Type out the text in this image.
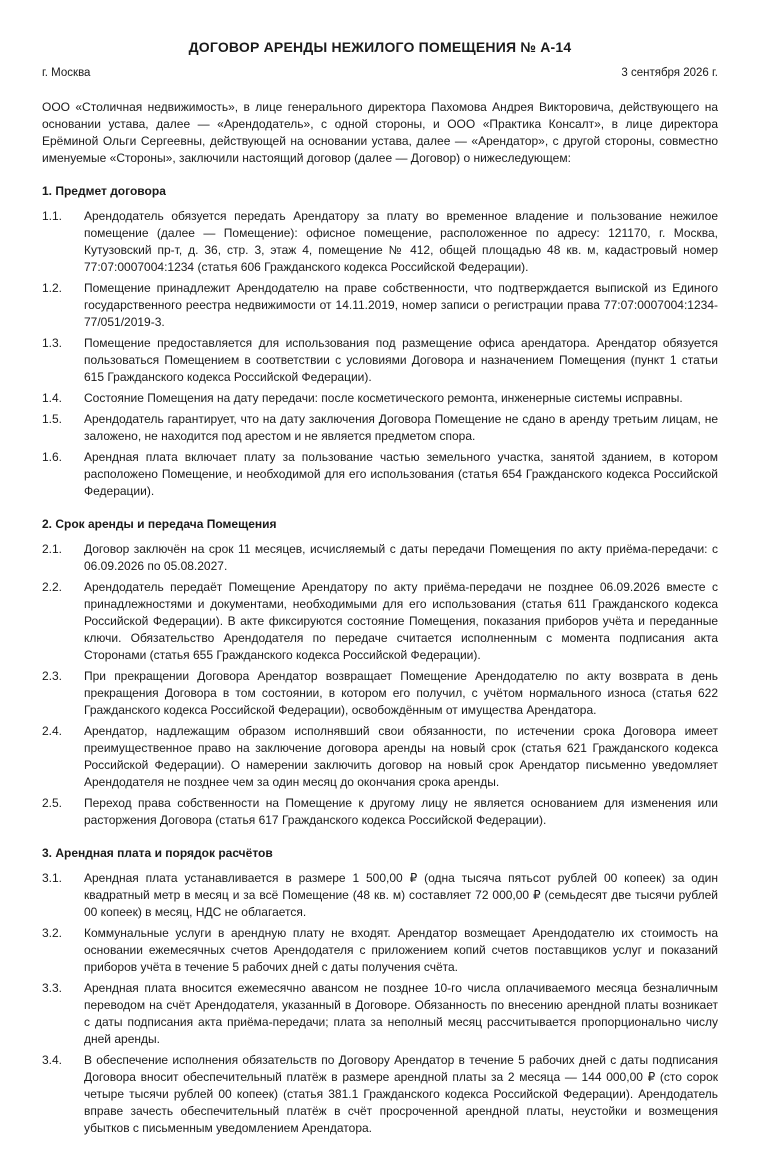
ДОГОВОР АРЕНДЫ НЕЖИЛОГО ПОМЕЩЕНИЯ № А-14
г. Москва	3 сентября 2026 г.
ООО «Столичная недвижимость», в лице генерального директора Пахомова Андрея Викторовича, действующего на основании устава, далее — «Арендодатель», с одной стороны, и ООО «Практика Консалт», в лице директора Ерёминой Ольги Сергеевны, действующей на основании устава, далее — «Арендатор», с другой стороны, совместно именуемые «Стороны», заключили настоящий договор (далее — Договор) о нижеследующем:
1. Предмет договора
1.1.	Арендодатель обязуется передать Арендатору за плату во временное владение и пользование нежилое помещение (далее — Помещение): офисное помещение, расположенное по адресу: 121170, г. Москва, Кутузовский пр-т, д. 36, стр. 3, этаж 4, помещение № 412, общей площадью 48 кв. м, кадастровый номер 77:07:0007004:1234 (статья 606 Гражданского кодекса Российской Федерации).
1.2.	Помещение принадлежит Арендодателю на праве собственности, что подтверждается выпиской из Единого государственного реестра недвижимости от 14.11.2019, номер записи о регистрации права 77:07:0007004:1234-77/051/2019-3.
1.3.	Помещение предоставляется для использования под размещение офиса арендатора. Арендатор обязуется пользоваться Помещением в соответствии с условиями Договора и назначением Помещения (пункт 1 статьи 615 Гражданского кодекса Российской Федерации).
1.4.	Состояние Помещения на дату передачи: после косметического ремонта, инженерные системы исправны.
1.5.	Арендодатель гарантирует, что на дату заключения Договора Помещение не сдано в аренду третьим лицам, не заложено, не находится под арестом и не является предметом спора.
1.6.	Арендная плата включает плату за пользование частью земельного участка, занятой зданием, в котором расположено Помещение, и необходимой для его использования (статья 654 Гражданского кодекса Российской Федерации).
2. Срок аренды и передача Помещения
2.1.	Договор заключён на срок 11 месяцев, исчисляемый с даты передачи Помещения по акту приёма-передачи: с 06.09.2026 по 05.08.2027.
2.2.	Арендодатель передаёт Помещение Арендатору по акту приёма-передачи не позднее 06.09.2026 вместе с принадлежностями и документами, необходимыми для его использования (статья 611 Гражданского кодекса Российской Федерации). В акте фиксируются состояние Помещения, показания приборов учёта и переданные ключи. Обязательство Арендодателя по передаче считается исполненным с момента подписания акта Сторонами (статья 655 Гражданского кодекса Российской Федерации).
2.3.	При прекращении Договора Арендатор возвращает Помещение Арендодателю по акту возврата в день прекращения Договора в том состоянии, в котором его получил, с учётом нормального износа (статья 622 Гражданского кодекса Российской Федерации), освобождённым от имущества Арендатора.
2.4.	Арендатор, надлежащим образом исполнявший свои обязанности, по истечении срока Договора имеет преимущественное право на заключение договора аренды на новый срок (статья 621 Гражданского кодекса Российской Федерации). О намерении заключить договор на новый срок Арендатор письменно уведомляет Арендодателя не позднее чем за один месяц до окончания срока аренды.
2.5.	Переход права собственности на Помещение к другому лицу не является основанием для изменения или расторжения Договора (статья 617 Гражданского кодекса Российской Федерации).
3. Арендная плата и порядок расчётов
3.1.	Арендная плата устанавливается в размере 1 500,00 ₽ (одна тысяча пятьсот рублей 00 копеек) за один квадратный метр в месяц и за всё Помещение (48 кв. м) составляет 72 000,00 ₽ (семьдесят две тысячи рублей 00 копеек) в месяц, НДС не облагается.
3.2.	Коммунальные услуги в арендную плату не входят. Арендатор возмещает Арендодателю их стоимость на основании ежемесячных счетов Арендодателя с приложением копий счетов поставщиков услуг и показаний приборов учёта в течение 5 рабочих дней с даты получения счёта.
3.3.	Арендная плата вносится ежемесячно авансом не позднее 10-го числа оплачиваемого месяца безналичным переводом на счёт Арендодателя, указанный в Договоре. Обязанность по внесению арендной платы возникает с даты подписания акта приёма-передачи; плата за неполный месяц рассчитывается пропорционально числу дней аренды.
3.4.	В обеспечение исполнения обязательств по Договору Арендатор в течение 5 рабочих дней с даты подписания Договора вносит обеспечительный платёж в размере арендной платы за 2 месяца — 144 000,00 ₽ (сто сорок четыре тысячи рублей 00 копеек) (статья 381.1 Гражданского кодекса Российской Федерации). Арендодатель вправе зачесть обеспечительный платёж в счёт просроченной арендной платы, неустойки и возмещения убытков с письменным уведомлением Арендатора.
